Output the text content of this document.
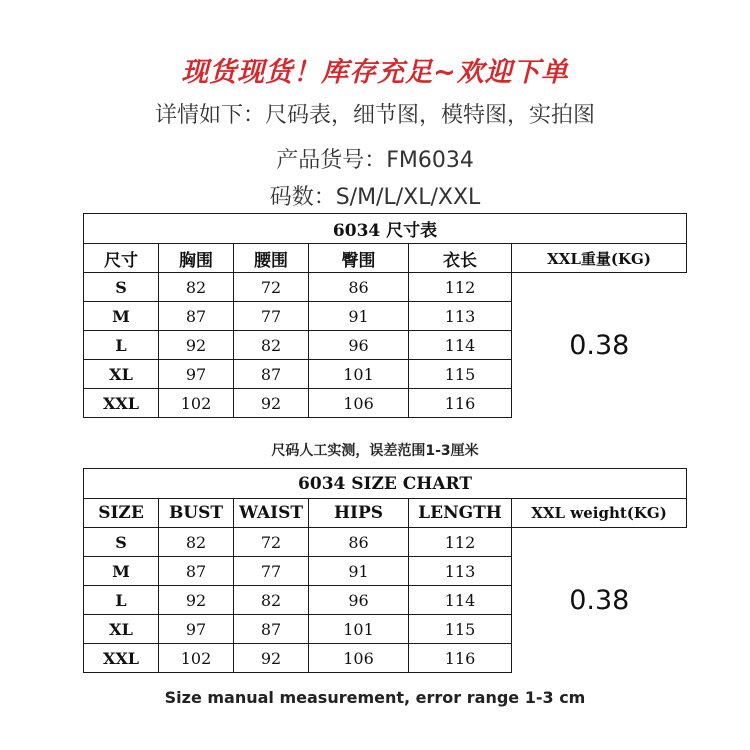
现货现货！库存充足~欢迎下单
详情如下：尺码表，细节图，模特图，实拍图
产品货号：FM6034
码数：S/M/L/XL/XXL
6034 尺寸表					
尺寸	胸围	腰围	臀围	衣长	XXL重量(KG)
S	82	72	86	112	0.38
M	87	77	91	113	
L	92	82	96	114	
XL	97	87	101	115	
XXL	102	92	106	116	
尺码人工实测，误差范围1-3厘米
6034 SIZE CHART					
SIZE	BUST	WAIST	HIPS	LENGTH	XXL weight(KG)
S	82	72	86	112	0.38
M	87	77	91	113	
L	92	82	96	114	
XL	97	87	101	115	
XXL	102	92	106	116	
Size manual measurement, error range 1-3 cm
